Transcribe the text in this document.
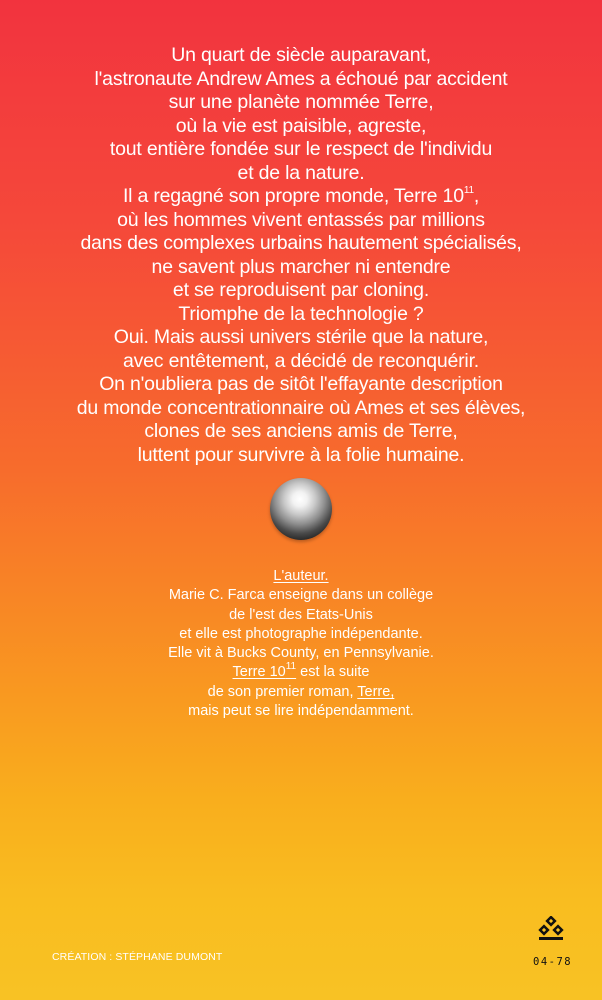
Un quart de siècle auparavant,
l'astronaute Andrew Ames a échoué par accident
sur une planète nommée Terre,
où la vie est paisible, agreste,
tout entière fondée sur le respect de l'individu
et de la nature.
Il a regagné son propre monde, Terre $10^{11}$,
où les hommes vivent entassés par millions
dans des complexes urbains hautement spécialisés,
ne savent plus marcher ni entendre
et se reproduisent par cloning.
Triomphe de la technologie ?
Oui. Mais aussi univers stérile que la nature,
avec entêtement, a décidé de reconquérir.
On n'oubliera pas de sitôt l'effayante description
du monde concentrationnaire où Ames et ses élèves,
clones de ses anciens amis de Terre,
luttent pour survivre à la folie humaine.
L'auteur.
Marie C. Farca enseigne dans un collège
de l'est des Etats-Unis
et elle est photographe indépendante.
Elle vit à Bucks County, en Pennsylvanie.
Terre $10^{11}$ est la suite
de son premier roman, Terre,
mais peut se lire indépendamment.
CRÉATION : STÉPHANE DUMONT	04-78
